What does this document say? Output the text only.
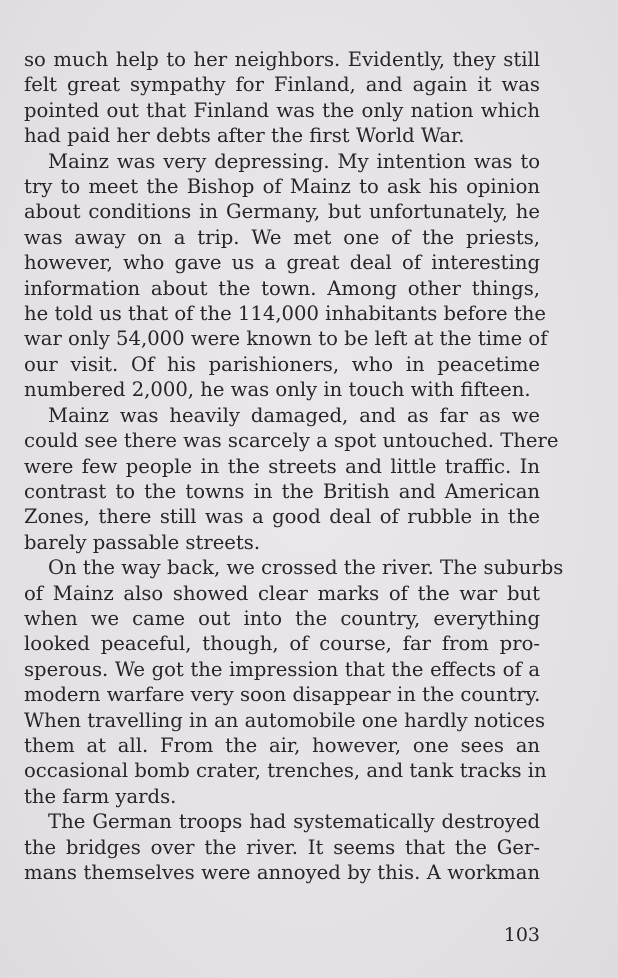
so much help to her neighbors. Evidently, they still
felt great sympathy for Finland, and again it was
pointed out that Finland was the only nation which
had paid her debts after the first World War.

Mainz was very depressing. My intention was to
try to meet the Bishop of Mainz to ask his opinion
about conditions in Germany, but unfortunately, he
was away on a trip. We met one of the priests,
however, who gave us a great deal of interesting
information about the town. Among other things,
he told us that of the 114,000 inhabitants before the
war only 54,000 were known to be left at the time of
our visit. Of his parishioners, who in peacetime
numbered 2,000, he was only in touch with fifteen.

Mainz was heavily damaged, and as far as we
could see there was scarcely a spot untouched. There
were few people in the streets and little traffic. In
contrast to the towns in the British and American
Zones, there still was a good deal of rubble in the
barely passable streets.

On the way back, we crossed the river. The suburbs
of Mainz also showed clear marks of the war but
when we came out into the country, everything
looked peaceful, though, of course, far from pro-
sperous. We got the impression that the effects of a
modern warfare very soon disappear in the country.
When travelling in an automobile one hardly notices
them at all. From the air, however, one sees an
occasional bomb crater, trenches, and tank tracks in
the farm yards.

The German troops had systematically destroyed
the bridges over the river. It seems that the Ger-
mans themselves were annoyed by this. A workman

103
